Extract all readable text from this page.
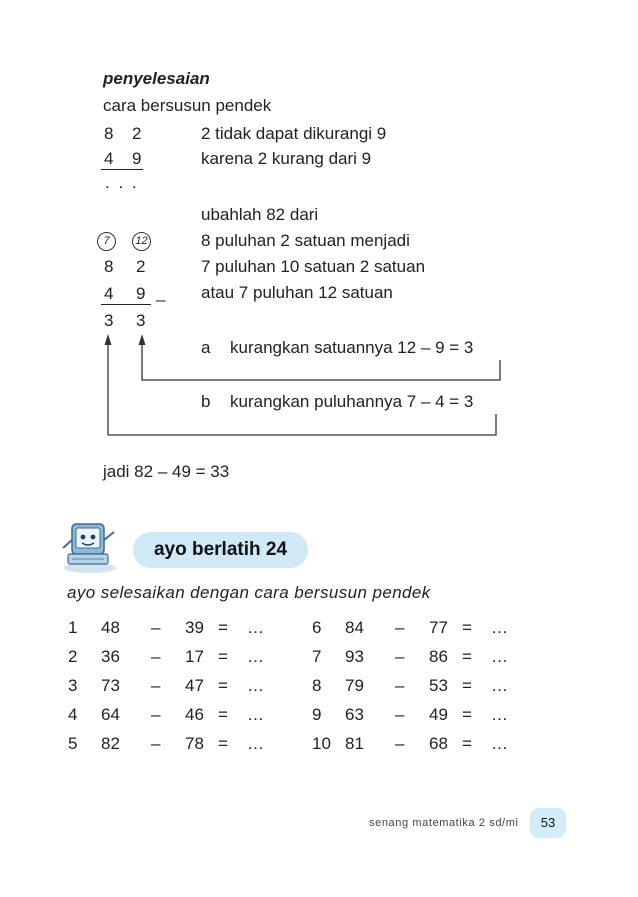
penyelesaian
cara bersusun pendek
8 2
4 9
. . .
2 tidak dapat dikurangi 9
karena 2 kurang dari 9
ubahlah 82 dari
8 puluhan 2 satuan menjadi
7 puluhan 10 satuan 2 satuan
atau 7 puluhan 12 satuan
7	12
8 2
4 9 _
3 3
a kurangkan satuannya 12 – 9 = 3
b kurangkan puluhannya 7 – 4 = 3
jadi 82 – 49 = 33
ayo berlatih 24
ayo selesaikan dengan cara bersusun pendek
1 48 – 39 = …
2 36 – 17 = …
3 73 – 47 = …
4 64 – 46 = …
5 82 – 78 = …
6 84 – 77 = …
7 93 – 86 = …
8 79 – 53 = …
9 63 – 49 = …
10 81 – 68 = …
senang matematika 2 sd/mi	53
